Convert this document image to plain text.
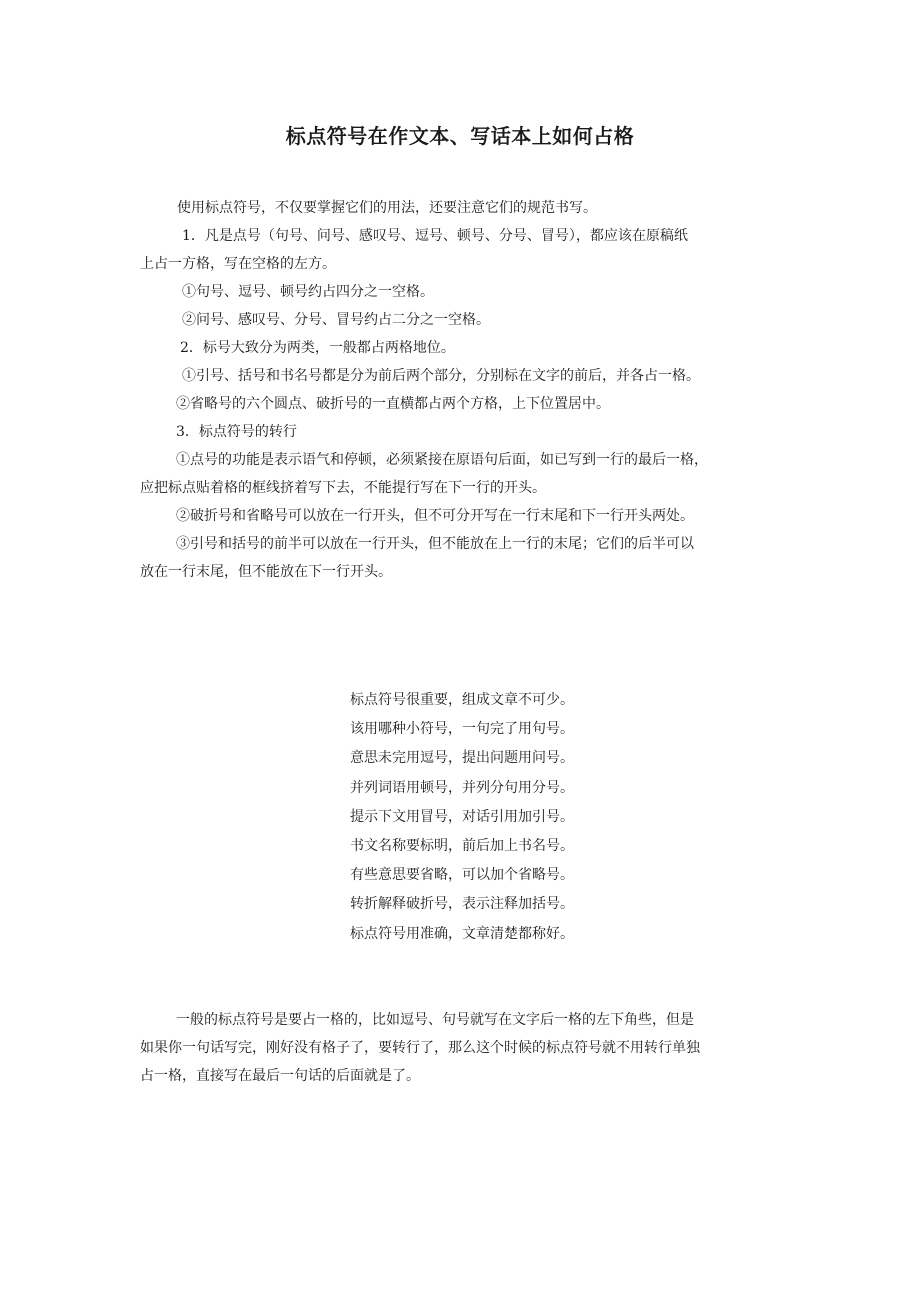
标点符号在作文本、写话本上如何占格

使用标点符号，不仅要掌握它们的用法，还要注意它们的规范书写。

1．凡是点号（句号、问号、感叹号、逗号、顿号、分号、冒号），都应该在原稿纸

上占一方格，写在空格的左方。

①句号、逗号、顿号约占四分之一空格。

②问号、感叹号、分号、冒号约占二分之一空格。

2．标号大致分为两类，一般都占两格地位。

①引号、括号和书名号都是分为前后两个部分，分别标在文字的前后，并各占一格。

②省略号的六个圆点、破折号的一直横都占两个方格，上下位置居中。

3．标点符号的转行

①点号的功能是表示语气和停顿，必须紧接在原语句后面，如已写到一行的最后一格，

应把标点贴着格的框线挤着写下去，不能提行写在下一行的开头。

②破折号和省略号可以放在一行开头，但不可分开写在一行末尾和下一行开头两处。

③引号和括号的前半可以放在一行开头，但不能放在上一行的末尾；它们的后半可以

放在一行末尾，但不能放在下一行开头。

标点符号很重要，组成文章不可少。

该用哪种小符号，一句完了用句号。

意思未完用逗号，提出问题用问号。

并列词语用顿号，并列分句用分号。

提示下文用冒号，对话引用加引号。

书文名称要标明，前后加上书名号。

有些意思要省略，可以加个省略号。

转折解释破折号，表示注释加括号。

标点符号用准确，文章清楚都称好。

一般的标点符号是要占一格的，比如逗号、句号就写在文字后一格的左下角些，但是

如果你一句话写完，刚好没有格子了，要转行了，那么这个时候的标点符号就不用转行单独

占一格，直接写在最后一句话的后面就是了。
